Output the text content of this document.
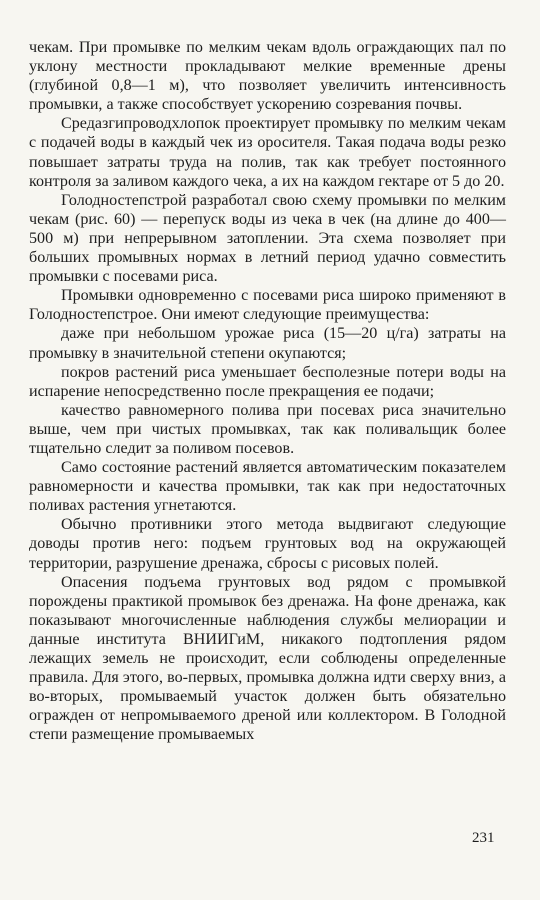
чекам. При промывке по мелким чекам вдоль ограждающих пал по уклону местности прокладывают мелкие временные дрены (глубиной 0,8—1 м), что позволяет увеличить интенсивность промывки, а также способствует ускорению созревания почвы.

Средазгипроводхлопок проектирует промывку по мелким чекам с подачей воды в каждый чек из оросителя. Такая подача воды резко повышает затраты труда на полив, так как требует постоянного контроля за заливом каждого чека, а их на каждом гектаре от 5 до 20.

Голодностепстрой разработал свою схему промывки по мелким чекам (рис. 60) — перепуск воды из чека в чек (на длине до 400—500 м) при непрерывном затоплении. Эта схема позволяет при больших промывных нормах в летний период удачно совместить промывки с посевами риса.

Промывки одновременно с посевами риса широко применяют в Голодностепстрое. Они имеют следующие преимущества:

даже при небольшом урожае риса (15—20 ц/га) затраты на промывку в значительной степени окупаются;

покров растений риса уменьшает бесполезные потери воды на испарение непосредственно после прекращения ее подачи;

качество равномерного полива при посевах риса значительно выше, чем при чистых промывках, так как поливальщик более тщательно следит за поливом посевов.

Само состояние растений является автоматическим показателем равномерности и качества промывки, так как при недостаточных поливах растения угнетаются.

Обычно противники этого метода выдвигают следующие доводы против него: подъем грунтовых вод на окружающей территории, разрушение дренажа, сбросы с рисовых полей.

Опасения подъема грунтовых вод рядом с промывкой порождены практикой промывок без дренажа. На фоне дренажа, как показывают многочисленные наблюдения службы мелиорации и данные института ВНИИГиМ, никакого подтопления рядом лежащих земель не происходит, если соблюдены определенные правила. Для этого, во-первых, промывка должна идти сверху вниз, а во-вторых, промываемый участок должен быть обязательно огражден от непромываемого дреной или коллектором. В Голодной степи размещение промываемых

231
